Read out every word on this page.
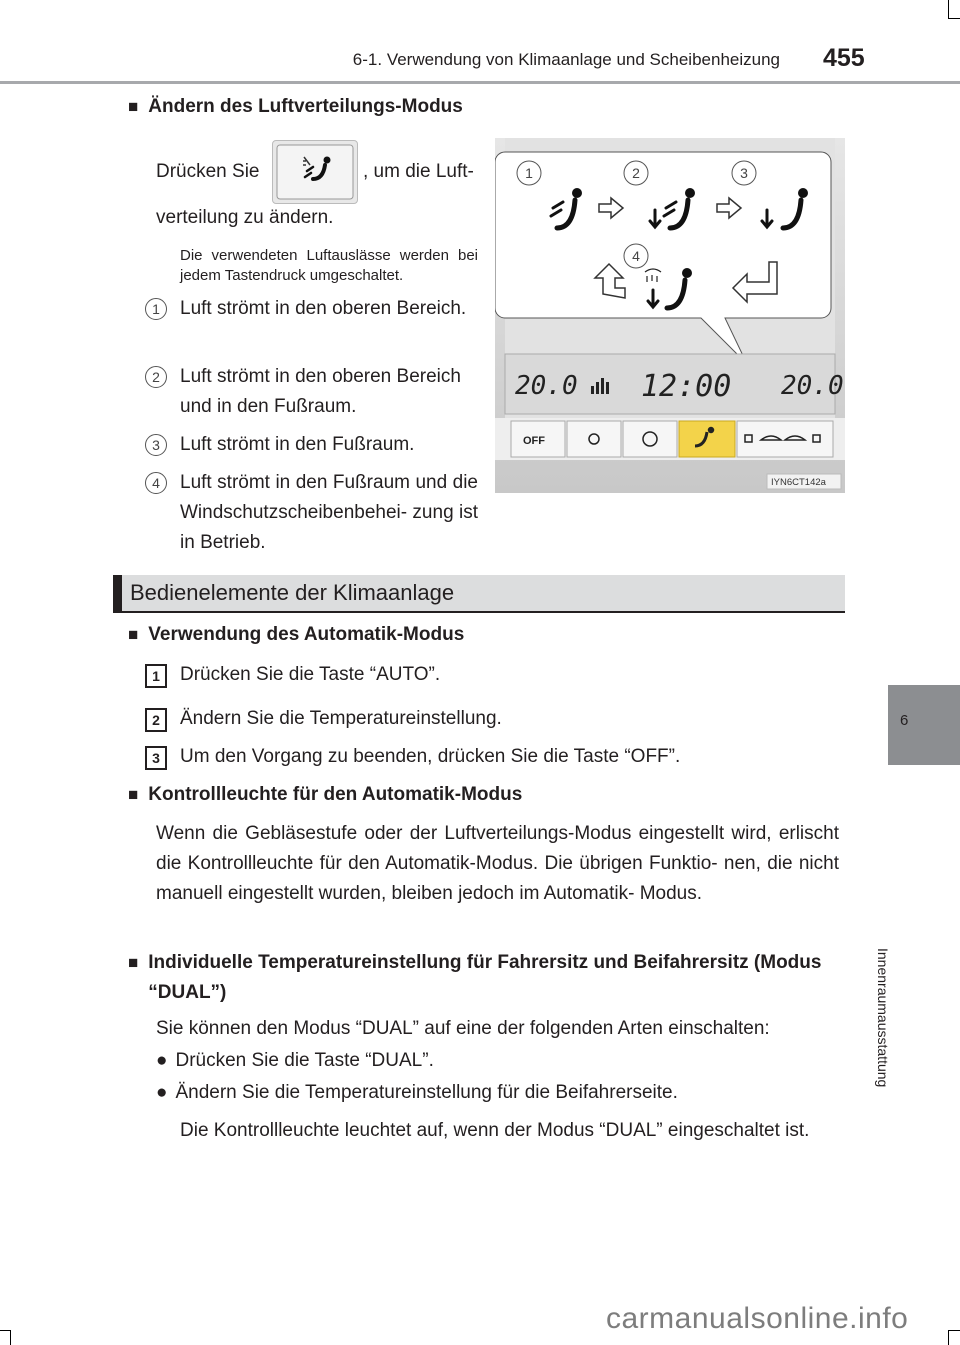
6-1. Verwendung von Klimaanlage und Scheibenheizung 455
6
Innenraumausstattung
■ Ändern des Luftverteilungs-Modus
Drücken Sie	, um die Luft-
verteilung zu ändern.
Die verwendeten Luftauslässe werden bei jedem Tastendruck umgeschaltet.
1	Luft strömt in den oberen Bereich.
2	Luft strömt in den oberen Bereich und in den Fußraum.
3	Luft strömt in den Fußraum.
4	Luft strömt in den Fußraum und die Windschutzscheibenbehei- zung ist in Betrieb.
1	2	3
4
20.0 12:00 20.0
OFF
IYN6CT142a
Bedienelemente der Klimaanlage
■ Verwendung des Automatik-Modus
1	Drücken Sie die Taste “AUTO”.
2	Ändern Sie die Temperatureinstellung.
3	Um den Vorgang zu beenden, drücken Sie die Taste “OFF”.
■ Kontrollleuchte für den Automatik-Modus
Wenn die Gebläsestufe oder der Luftverteilungs-Modus eingestellt wird, erlischt die Kontrollleuchte für den Automatik-Modus. Die übrigen Funktio- nen, die nicht manuell eingestellt wurden, bleiben jedoch im Automatik- Modus.
■ Individuelle Temperatureinstellung für Fahrersitz und Beifahrersitz (Modus “DUAL”)
Sie können den Modus “DUAL” auf eine der folgenden Arten einschalten:
● Drücken Sie die Taste “DUAL”.
● Ändern Sie die Temperatureinstellung für die Beifahrerseite.
Die Kontrollleuchte leuchtet auf, wenn der Modus “DUAL” eingeschaltet ist.
carmanualsonline.info
